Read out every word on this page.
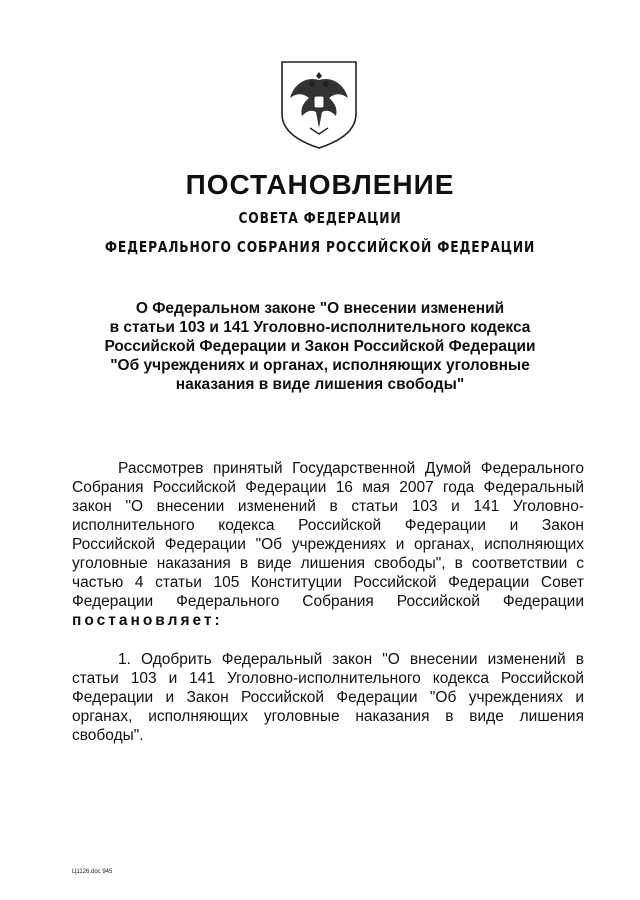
ПОСТАНОВЛЕНИЕ
СОВЕТА ФЕДЕРАЦИИ
ФЕДЕРАЛЬНОГО СОБРАНИЯ РОССИЙСКОЙ ФЕДЕРАЦИИ
О Федеральном законе "О внесении изменений
в статьи 103 и 141 Уголовно-исполнительного кодекса
Российской Федерации и Закон Российской Федерации
"Об учреждениях и органах, исполняющих уголовные
наказания в виде лишения свободы"
Рассмотрев принятый Государственной Думой Федерального
Собрания Российской Федерации 16 мая 2007 года Федеральный
закон "О внесении изменений в статьи 103 и 141 Уголовно-
исполнительного кодекса Российской Федерации и Закон
Российской Федерации "Об учреждениях и органах, исполняющих
уголовные наказания в виде лишения свободы", в соответствии с
частью 4 статьи 105 Конституции Российской Федерации Совет
Федерации Федерального Собрания Российской Федерации
постановляет:
1. Одобрить Федеральный закон "О внесении изменений в
статьи 103 и 141 Уголовно-исполнительного кодекса Российской
Федерации и Закон Российской Федерации "Об учреждениях и
органах, исполняющих уголовные наказания в виде лишения
свободы".
Ц1126.doc 945
